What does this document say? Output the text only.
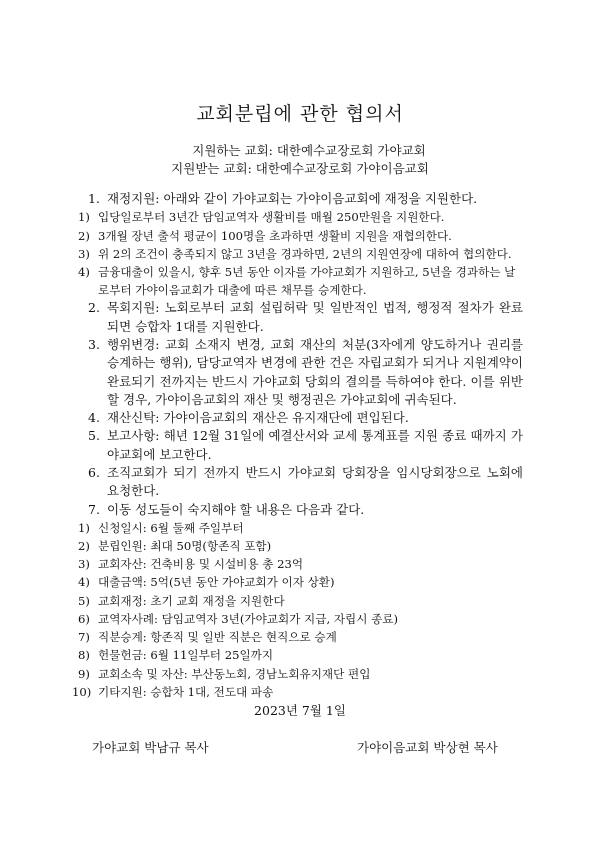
교회분립에 관한 협의서
지원하는 교회: 대한예수교장로회 가야교회
지원받는 교회: 대한예수교장로회 가야이음교회
1. 재정지원: 아래와 같이 가야교회는 가야이음교회에 재정을 지원한다.
1) 입당일로부터 3년간 담임교역자 생활비를 매월 250만원을 지원한다.
2) 3개월 장년 출석 평균이 100명을 초과하면 생활비 지원을 재협의한다.
3) 위 2의 조건이 충족되지 않고 3년을 경과하면, 2년의 지원연장에 대하여 협의한다.
4) 금융대출이 있을시, 향후 5년 동안 이자를 가야교회가 지원하고, 5년을 경과하는 날로부터 가야이음교회가 대출에 따른 채무를 승계한다.
2. 목회지원: 노회로부터 교회 설립허락 및 일반적인 법적, 행정적 절차가 완료되면 승합차 1대를 지원한다.
3. 행위변경: 교회 소재지 변경, 교회 재산의 처분(3자에게 양도하거나 권리를 승계하는 행위), 담당교역자 변경에 관한 건은 자립교회가 되거나 지원계약이 완료되기 전까지는 반드시 가야교회 당회의 결의를 득하여야 한다. 이를 위반할 경우, 가야이음교회의 재산 및 행정권은 가야교회에 귀속된다.
4. 재산신탁: 가야이음교회의 재산은 유지재단에 편입된다.
5. 보고사항: 해년 12월 31일에 예결산서와 교세 통계표를 지원 종료 때까지 가야교회에 보고한다.
6. 조직교회가 되기 전까지 반드시 가야교회 당회장을 임시당회장으로 노회에 요청한다.
7. 이동 성도들이 숙지해야 할 내용은 다음과 같다.
1) 신청일시: 6월 둘째 주일부터
2) 분립인원: 최대 50명(항존직 포함)
3) 교회자산: 건축비용 및 시설비용 총 23억
4) 대출금액: 5억(5년 동안 가야교회가 이자 상환)
5) 교회재정: 초기 교회 재정을 지원한다
6) 교역자사례: 담임교역자 3년(가야교회가 지급, 자립시 종료)
7) 직분승계: 항존직 및 일반 직분은 현직으로 승계
8) 헌물헌금: 6월 11일부터 25일까지
9) 교회소속 및 자산: 부산동노회, 경남노회유지재단 편입
10) 기타지원: 승합차 1대, 전도대 파송
2023년 7월 1일
가야교회 박남규 목사	가야이음교회 박상현 목사
